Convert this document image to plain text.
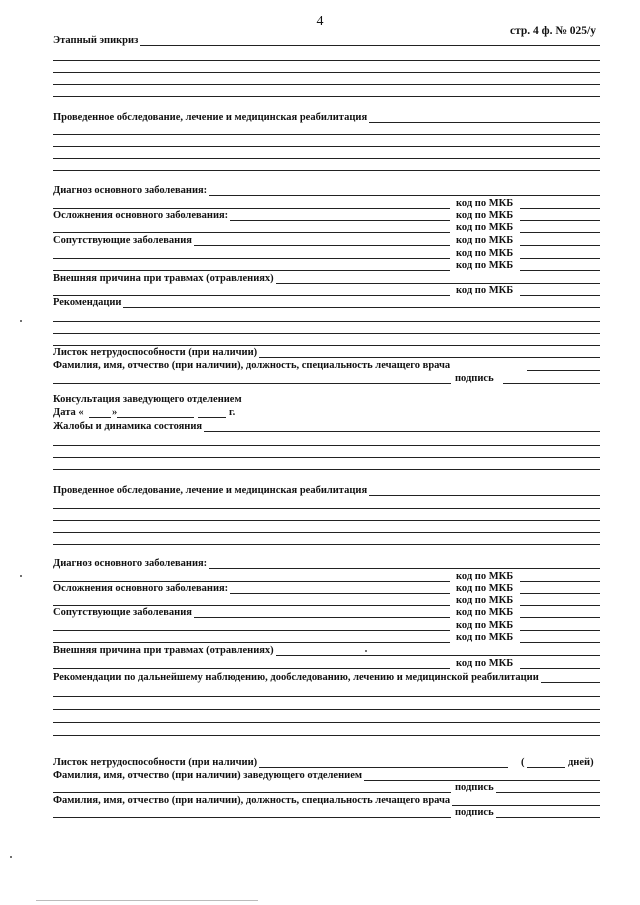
4
стр. 4 ф. № 025/у
Этапный эпикриз
Проведенное обследование, лечение и медицинская реабилитация
Диагноз основного заболевания:
код по МКБ
Осложнения основного заболевания:	код по МКБ
код по МКБ
Сопутствующие заболевания	код по МКБ
код по МКБ
код по МКБ
Внешняя причина при травмах (отравлениях)
код по МКБ
Рекомендации
Листок нетрудоспособности (при наличии)
Фамилия, имя, отчество (при наличии), должность, специальность лечащего врача
подпись
Консультация заведующего отделением
Дата «	»	г.
Жалобы и динамика состояния
Проведенное обследование, лечение и медицинская реабилитация
Диагноз основного заболевания:
код по МКБ
Осложнения основного заболевания:	код по МКБ
код по МКБ
Сопутствующие заболевания	код по МКБ
код по МКБ
код по МКБ
Внешняя причина при травмах (отравлениях)
код по МКБ
Рекомендации по дальнейшему наблюдению, дообследованию, лечению и медицинской реабилитации
Листок нетрудоспособности (при наличии)	(	дней)
Фамилия, имя, отчество (при наличии) заведующего отделением
подпись
Фамилия, имя, отчество (при наличии), должность, специальность лечащего врача
подпись
